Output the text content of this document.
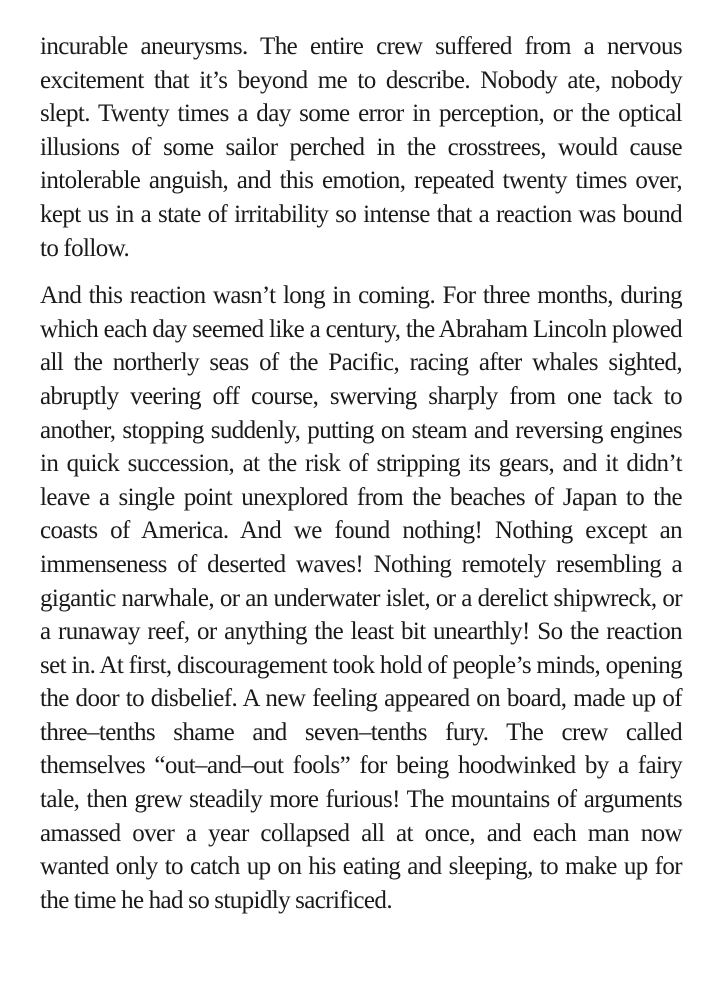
incurable aneurysms. The entire crew suffered from a nervous excitement that it’s beyond me to describe. Nobody ate, nobody slept. Twenty times a day some error in perception, or the optical illusions of some sailor perched in the crosstrees, would cause intolerable anguish, and this emotion, repeated twenty times over, kept us in a state of irritability so intense that a reaction was bound to follow.

And this reaction wasn’t long in coming. For three months, during which each day seemed like a century, the Abraham Lincoln plowed all the northerly seas of the Pacific, racing after whales sighted, abruptly veering off course, swerving sharply from one tack to another, stopping suddenly, putting on steam and reversing engines in quick succession, at the risk of stripping its gears, and it didn’t leave a single point unexplored from the beaches of Japan to the coasts of America. And we found nothing! Nothing except an immenseness of deserted waves! Nothing remotely resembling a gigantic narwhale, or an underwater islet, or a derelict shipwreck, or a runaway reef, or anything the least bit unearthly! So the reaction set in. At first, discouragement took hold of people’s minds, opening the door to disbelief. A new feeling appeared on board, made up of three–tenths shame and seven–tenths fury. The crew called themselves “out–and–out fools” for being hoodwinked by a fairy tale, then grew steadily more furious! The mountains of arguments amassed over a year collapsed all at once, and each man now wanted only to catch up on his eating and sleeping, to make up for the time he had so stupidly sacrificed.
